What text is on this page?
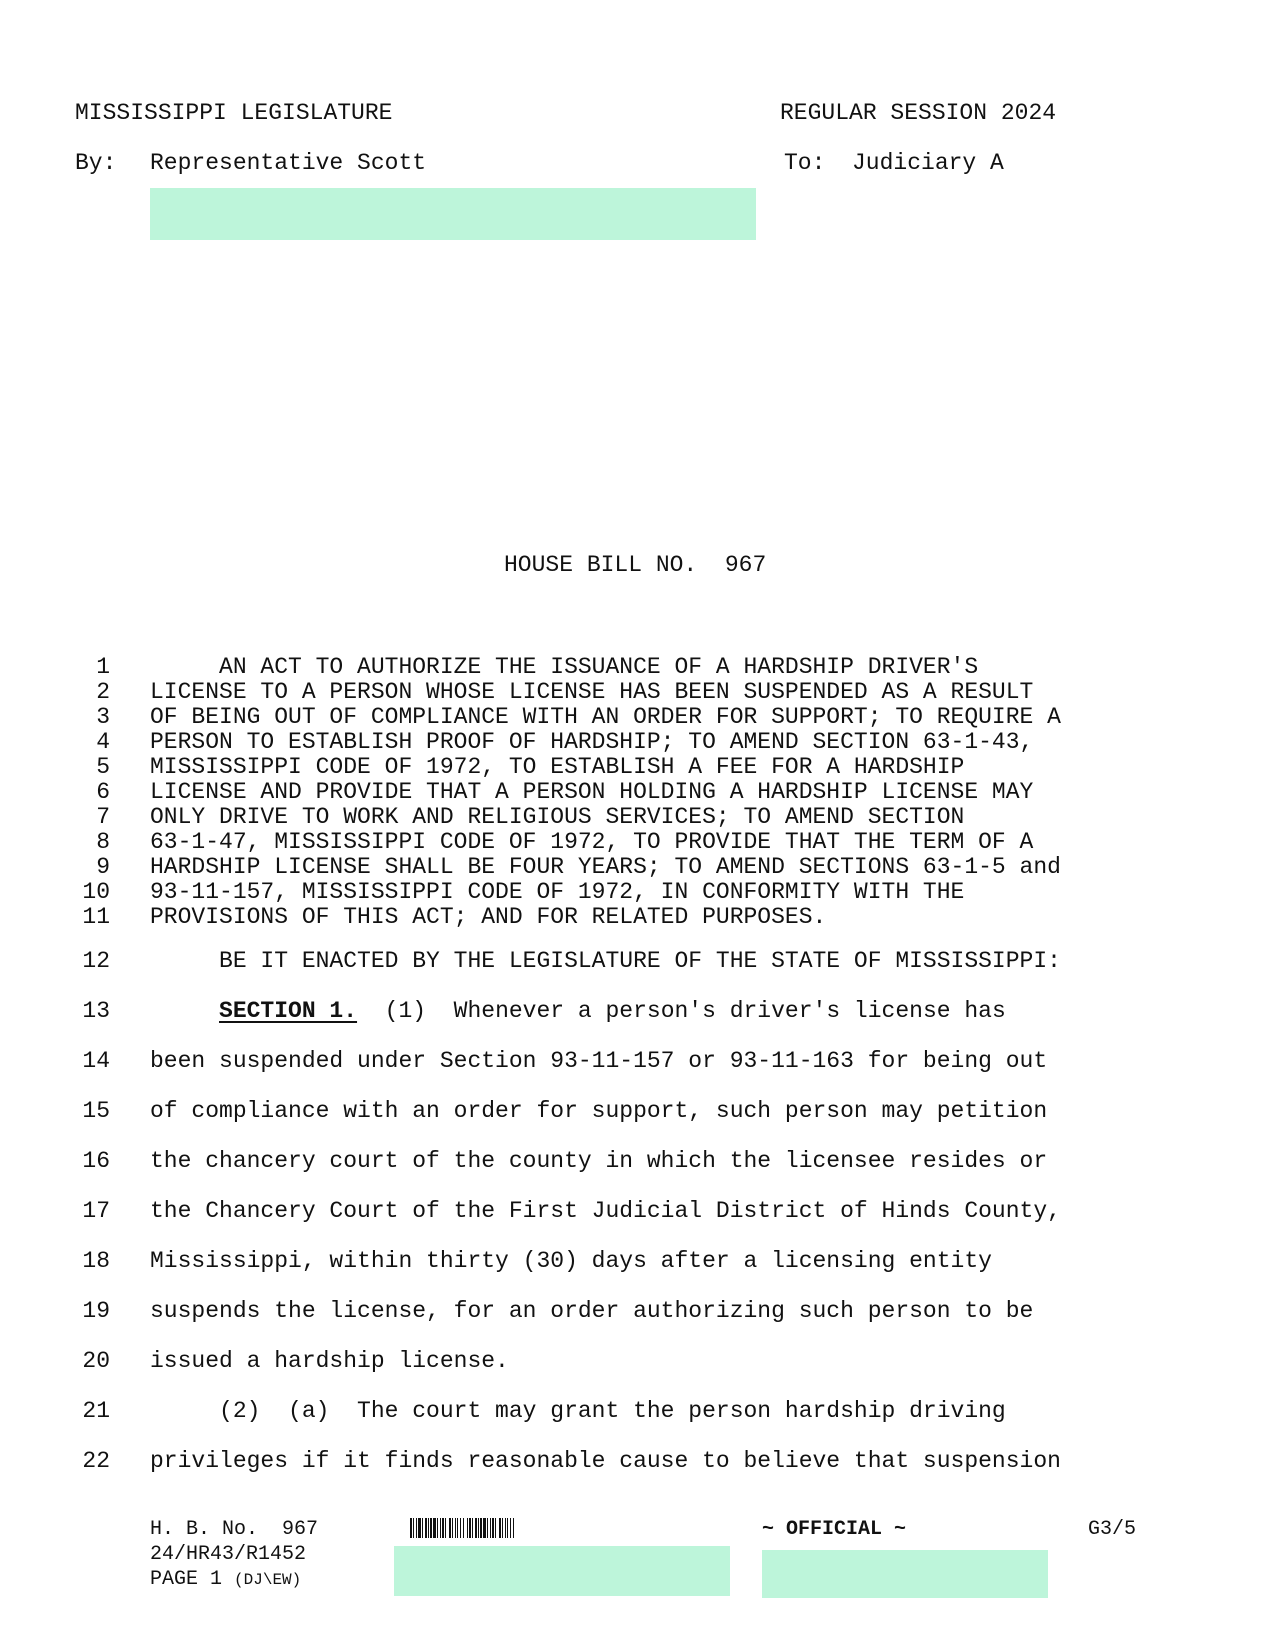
MISSISSIPPI LEGISLATURE	REGULAR SESSION 2024
By: Representative Scott	To: Judiciary A
HOUSE BILL NO.  967
1 AN ACT TO AUTHORIZE THE ISSUANCE OF A HARDSHIP DRIVER'S
2 LICENSE TO A PERSON WHOSE LICENSE HAS BEEN SUSPENDED AS A RESULT
3 OF BEING OUT OF COMPLIANCE WITH AN ORDER FOR SUPPORT; TO REQUIRE A
4 PERSON TO ESTABLISH PROOF OF HARDSHIP; TO AMEND SECTION 63-1-43,
5 MISSISSIPPI CODE OF 1972, TO ESTABLISH A FEE FOR A HARDSHIP
6 LICENSE AND PROVIDE THAT A PERSON HOLDING A HARDSHIP LICENSE MAY
7 ONLY DRIVE TO WORK AND RELIGIOUS SERVICES; TO AMEND SECTION
8 63-1-47, MISSISSIPPI CODE OF 1972, TO PROVIDE THAT THE TERM OF A
9 HARDSHIP LICENSE SHALL BE FOUR YEARS; TO AMEND SECTIONS 63-1-5 and
10 93-11-157, MISSISSIPPI CODE OF 1972, IN CONFORMITY WITH THE
11 PROVISIONS OF THIS ACT; AND FOR RELATED PURPOSES.
12 BE IT ENACTED BY THE LEGISLATURE OF THE STATE OF MISSISSIPPI:
13	SECTION 1.  (1)  Whenever a person's driver's license has
14 been suspended under Section 93-11-157 or 93-11-163 for being out
15 of compliance with an order for support, such person may petition
16 the chancery court of the county in which the licensee resides or
17 the Chancery Court of the First Judicial District of Hinds County,
18 Mississippi, within thirty (30) days after a licensing entity
19 suspends the license, for an order authorizing such person to be
20 issued a hardship license.
21 (2)  (a)  The court may grant the person hardship driving
22 privileges if it finds reasonable cause to believe that suspension
H. B. No.  967
24/HR43/R1452
PAGE 1 (DJ\EW)
~ OFFICIAL ~	G3/5
